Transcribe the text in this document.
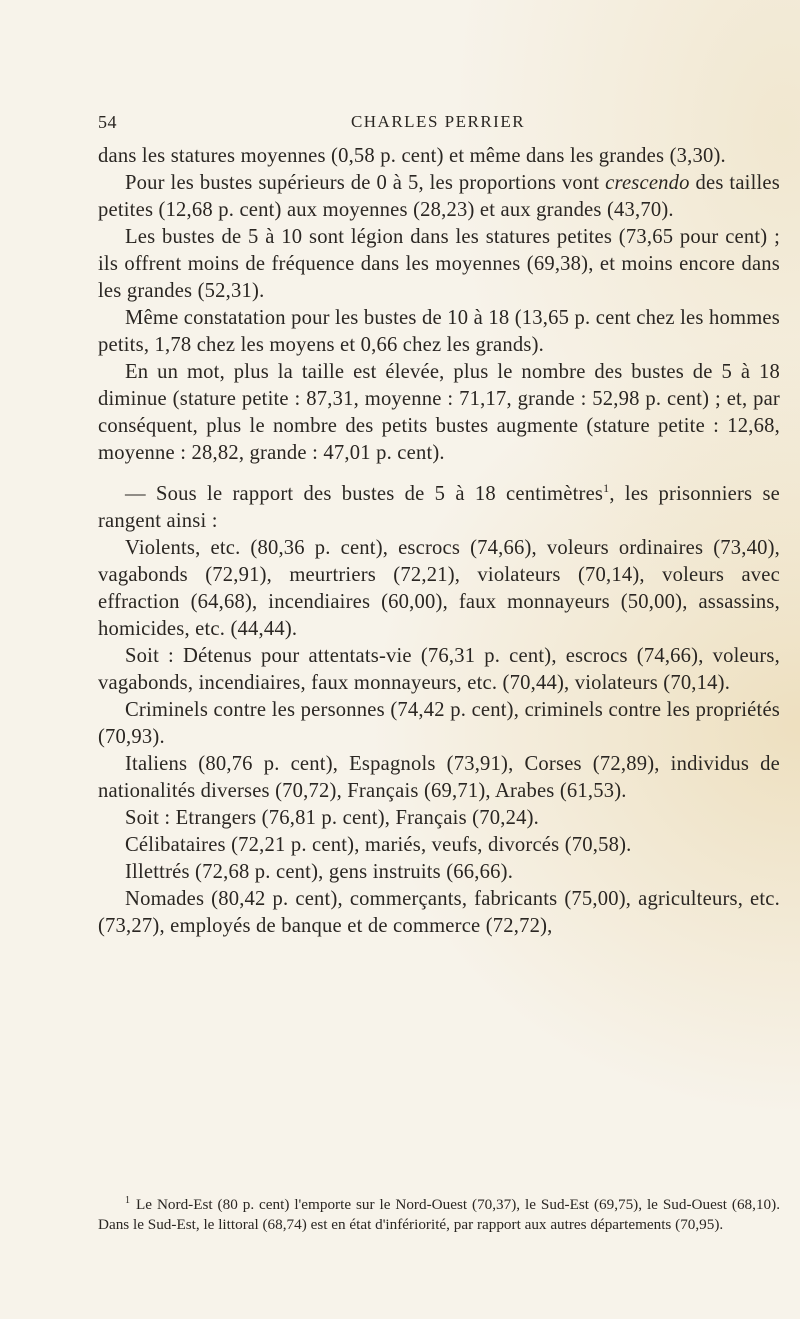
54	CHARLES PERRIER

dans les statures moyennes (0,58 p. cent) et même dans les grandes (3,30).

Pour les bustes supérieurs de 0 à 5, les proportions vont crescendo des tailles petites (12,68 p. cent) aux moyennes (28,23) et aux grandes (43,70).

Les bustes de 5 à 10 sont légion dans les statures petites (73,65 pour cent) ; ils offrent moins de fréquence dans les moyennes (69,38), et moins encore dans les grandes (52,31).

Même constatation pour les bustes de 10 à 18 (13,65 p. cent chez les hommes petits, 1,78 chez les moyens et 0,66 chez les grands).

En un mot, plus la taille est élevée, plus le nombre des bustes de 5 à 18 diminue (stature petite : 87,31, moyenne : 71,17, grande : 52,98 p. cent) ; et, par conséquent, plus le nombre des petits bustes augmente (stature petite : 12,68, moyenne : 28,82, grande : 47,01 p. cent).

— Sous le rapport des bustes de 5 à 18 centimètres$^1$, les prisonniers se rangent ainsi :

Violents, etc. (80,36 p. cent), escrocs (74,66), voleurs ordinaires (73,40), vagabonds (72,91), meurtriers (72,21), violateurs (70,14), voleurs avec effraction (64,68), incendiaires (60,00), faux monnayeurs (50,00), assassins, homicides, etc. (44,44).

Soit : Détenus pour attentats-vie (76,31 p. cent), escrocs (74,66), voleurs, vagabonds, incendiaires, faux monnayeurs, etc. (70,44), violateurs (70,14).

Criminels contre les personnes (74,42 p. cent), criminels contre les propriétés (70,93).

Italiens (80,76 p. cent), Espagnols (73,91), Corses (72,89), individus de nationalités diverses (70,72), Français (69,71), Arabes (61,53).

Soit : Etrangers (76,81 p. cent), Français (70,24).

Célibataires (72,21 p. cent), mariés, veufs, divorcés (70,58).

Illettrés (72,68 p. cent), gens instruits (66,66).

Nomades (80,42 p. cent), commerçants, fabricants (75,00), agriculteurs, etc. (73,27), employés de banque et de commerce (72,72),

$^1$ Le Nord-Est (80 p. cent) l'emporte sur le Nord-Ouest (70,37), le Sud-Est (69,75), le Sud-Ouest (68,10). Dans le Sud-Est, le littoral (68,74) est en état d'infériorité, par rapport aux autres départements (70,95).
